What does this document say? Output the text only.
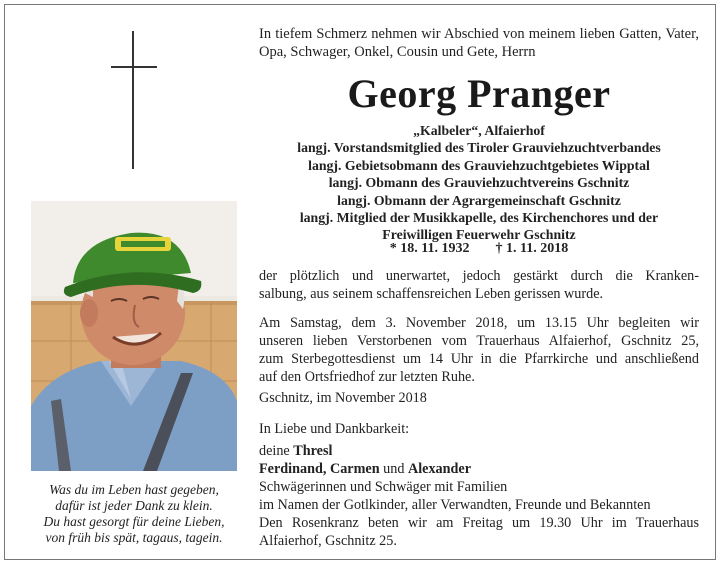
Was du im Leben hast gegeben,
dafür ist jeder Dank zu klein.
Du hast gesorgt für deine Lieben,
von früh bis spät, tagaus, tagein.
In tiefem Schmerz nehmen wir Abschied von meinem lieben Gatten, Vater, Opa, Schwager, Onkel, Cousin und Gete, Herrn
Georg Pranger
„Kalbeler“, Alfaierhof
langj. Vorstandsmitglied des Tiroler Grauviehzuchtverbandes
langj. Gebietsobmann des Grauviehzuchtgebietes Wipptal
langj. Obmann des Grauviehzuchtvereins Gschnitz
langj. Obmann der Agrargemeinschaft Gschnitz
langj. Mitglied der Musikkapelle, des Kirchenchores und der
Freiwilligen Feuerwehr Gschnitz
* 18. 11. 1932 † 1. 11. 2018
der plötzlich und unerwartet, jedoch gestärkt durch die Kranken-
salbung, aus seinem schaffensreichen Leben gerissen wurde.
Am Samstag, dem 3. November 2018, um 13.15 Uhr begleiten wir
unseren lieben Verstorbenen vom Trauerhaus Alfaierhof, Gschnitz 25,
zum Sterbegottesdienst um 14 Uhr in die Pfarrkirche und anschließend
auf den Ortsfriedhof zur letzten Ruhe.
Gschnitz, im November 2018
In Liebe und Dankbarkeit:
deine Thresl
Ferdinand, Carmen und Alexander
Schwägerinnen und Schwäger mit Familien
im Namen der Gotlkinder, aller Verwandten, Freunde und Bekannten
Den Rosenkranz beten wir am Freitag um 19.30 Uhr im Trauerhaus
Alfaierhof, Gschnitz 25.
